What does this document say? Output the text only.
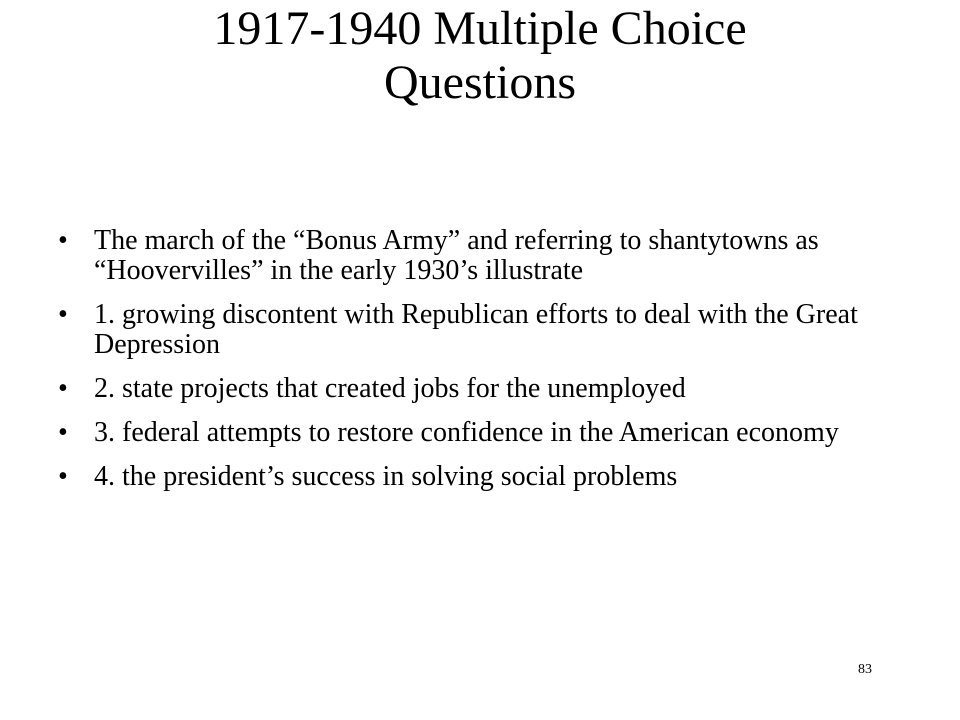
1917-1940 Multiple Choice
Questions
• The march of the “Bonus Army” and referring to shantytowns as “Hoovervilles” in the early 1930’s illustrate
• 1. growing discontent with Republican efforts to deal with the Great Depression
• 2. state projects that created jobs for the unemployed
• 3. federal attempts to restore confidence in the American economy
• 4. the president’s success in solving social problems
83
